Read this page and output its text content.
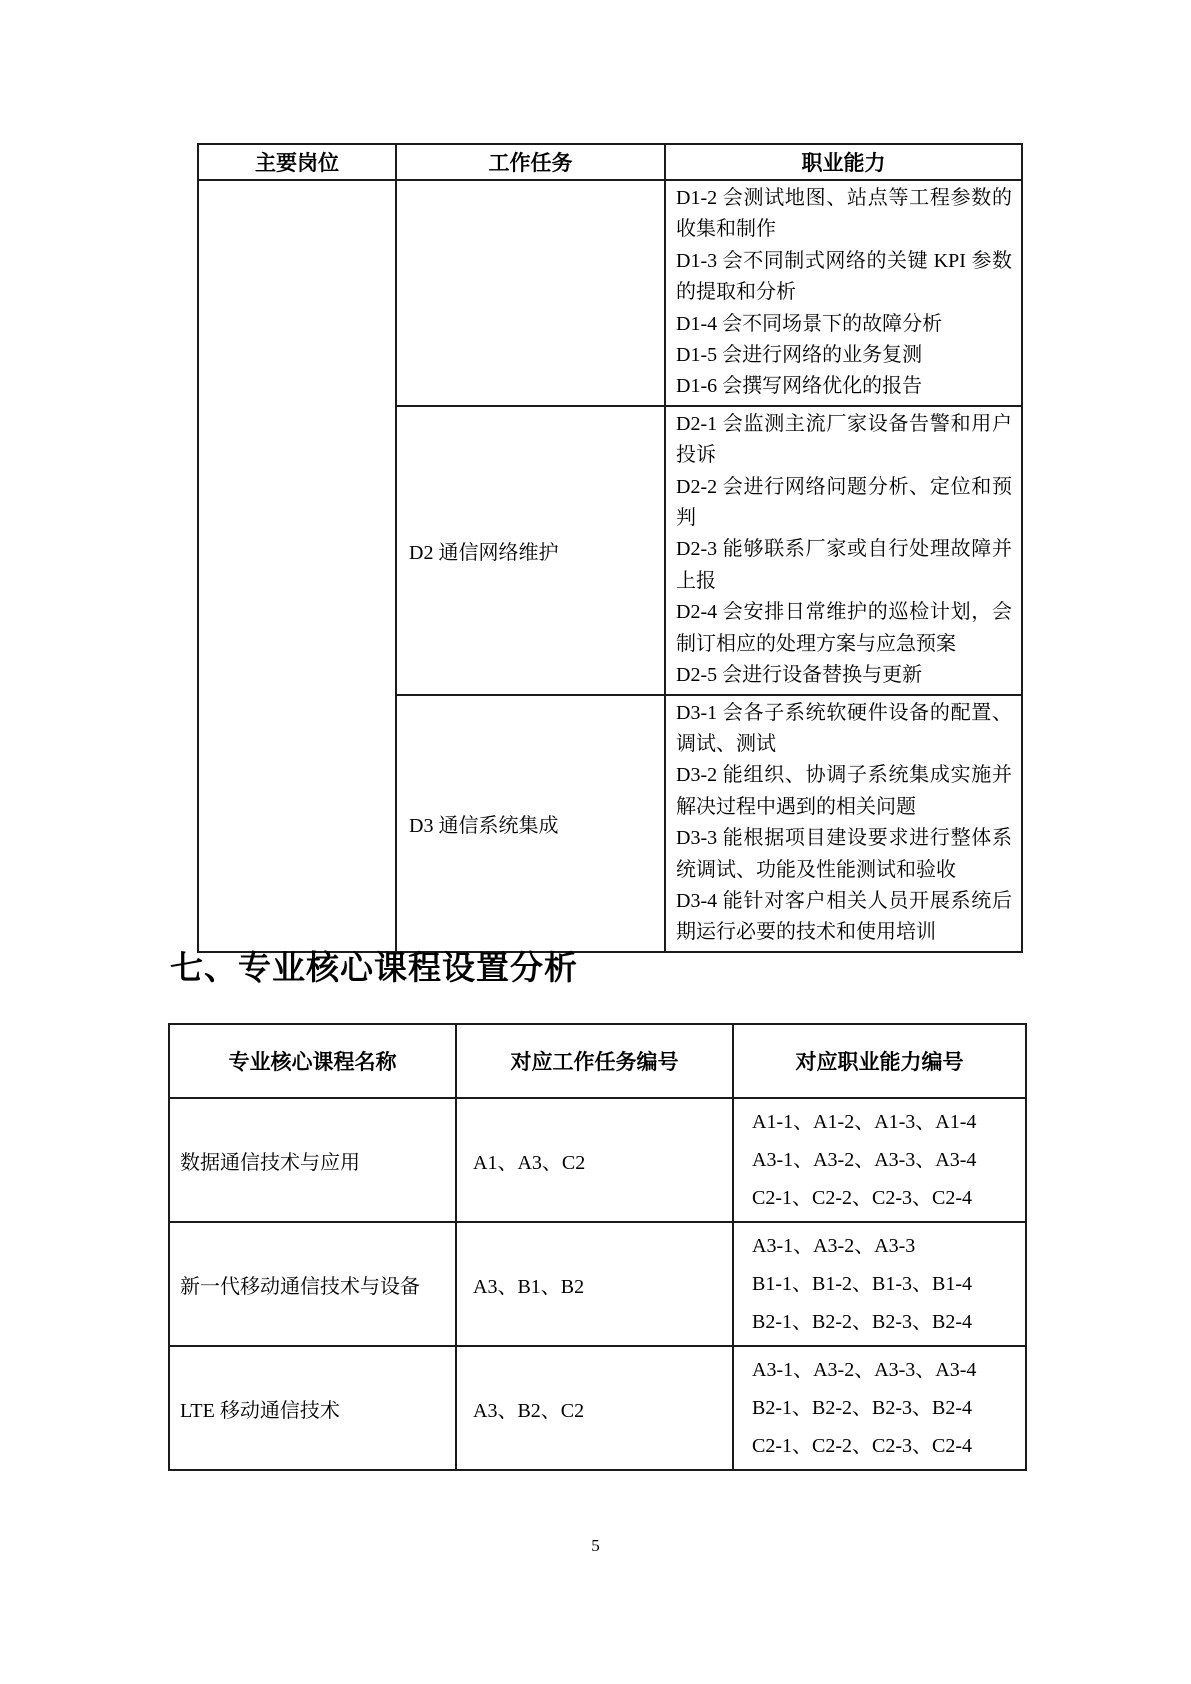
主要岗位	工作任务	职业能力

		D1-2 会测试地图、站点等工程参数的收集和制作

D1-3 会不同制式网络的关键 KPI 参数的提取和分析

D1-4 会不同场景下的故障分析

D1-5 会进行网络的业务复测

D1-6 会撰写网络优化的报告

	D2 通信网络维护	D2-1 会监测主流厂家设备告警和用户投诉

D2-2 会进行网络问题分析、定位和预判

D2-3 能够联系厂家或自行处理故障并上报

D2-4 会安排日常维护的巡检计划，会制订相应的处理方案与应急预案

D2-5 会进行设备替换与更新

	D3 通信系统集成	D3-1 会各子系统软硬件设备的配置、调试、测试

D3-2 能组织、协调子系统集成实施并解决过程中遇到的相关问题

D3-3 能根据项目建设要求进行整体系统调试、功能及性能测试和验收

D3-4 能针对客户相关人员开展系统后期运行必要的技术和使用培训

七、专业核心课程设置分析
专业核心课程名称	对应工作任务编号	对应职业能力编号
数据通信技术与应用	A1、A3、C2	A1-1、A1-2、A1-3、A1-4

A3-1、A3-2、A3-3、A3-4

C2-1、C2-2、C2-3、C2-4

新一代移动通信技术与设备	A3、B1、B2	A3-1、A3-2、A3-3

B1-1、B1-2、B1-3、B1-4

B2-1、B2-2、B2-3、B2-4

LTE 移动通信技术	A3、B2、C2	A3-1、A3-2、A3-3、A3-4

B2-1、B2-2、B2-3、B2-4

C2-1、C2-2、C2-3、C2-4

5
